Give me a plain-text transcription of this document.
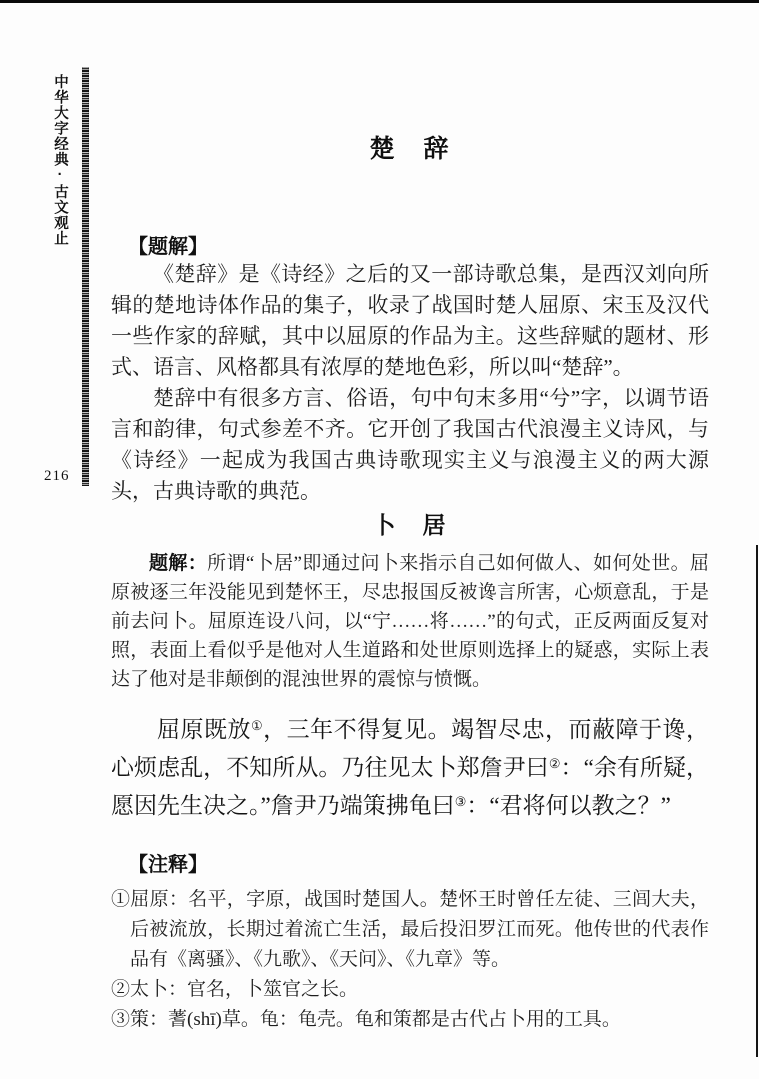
中华大字经典·古文观止
216
楚　辞
【题解】

《楚辞》是《诗经》之后的又一部诗歌总集，是西汉刘向所辑的楚地诗体作品的集子，收录了战国时楚人屈原、宋玉及汉代一些作家的辞赋，其中以屈原的作品为主。这些辞赋的题材、形式、语言、风格都具有浓厚的楚地色彩，所以叫“楚辞”。

楚辞中有很多方言、俗语，句中句末多用“兮”字，以调节语言和韵律，句式参差不齐。它开创了我国古代浪漫主义诗风，与《诗经》一起成为我国古典诗歌现实主义与浪漫主义的两大源头，古典诗歌的典范。

卜　居

题解：所谓“卜居”即通过问卜来指示自己如何做人、如何处世。屈原被逐三年没能见到楚怀王，尽忠报国反被谗言所害，心烦意乱，于是前去问卜。屈原连设八问，以“宁……将……”的句式，正反两面反复对照，表面上看似乎是他对人生道路和处世原则选择上的疑惑，实际上表达了他对是非颠倒的混浊世界的震惊与愤慨。

屈原既放①，三年不得复见。竭智尽忠，而蔽障于谗，心烦虑乱，不知所从。乃往见太卜郑詹尹曰②：“余有所疑，愿因先生决之。”詹尹乃端策拂龟曰③：“君将何以教之？”

【注释】
①屈原：名平，字原，战国时楚国人。楚怀王时曾任左徒、三闾大夫，后被流放，长期过着流亡生活，最后投汨罗江而死。他传世的代表作品有《离骚》、《九歌》、《天问》、《九章》等。
②太卜：官名，卜筮官之长。
③策：蓍(shī)草。龟：龟壳。龟和策都是古代占卜用的工具。
